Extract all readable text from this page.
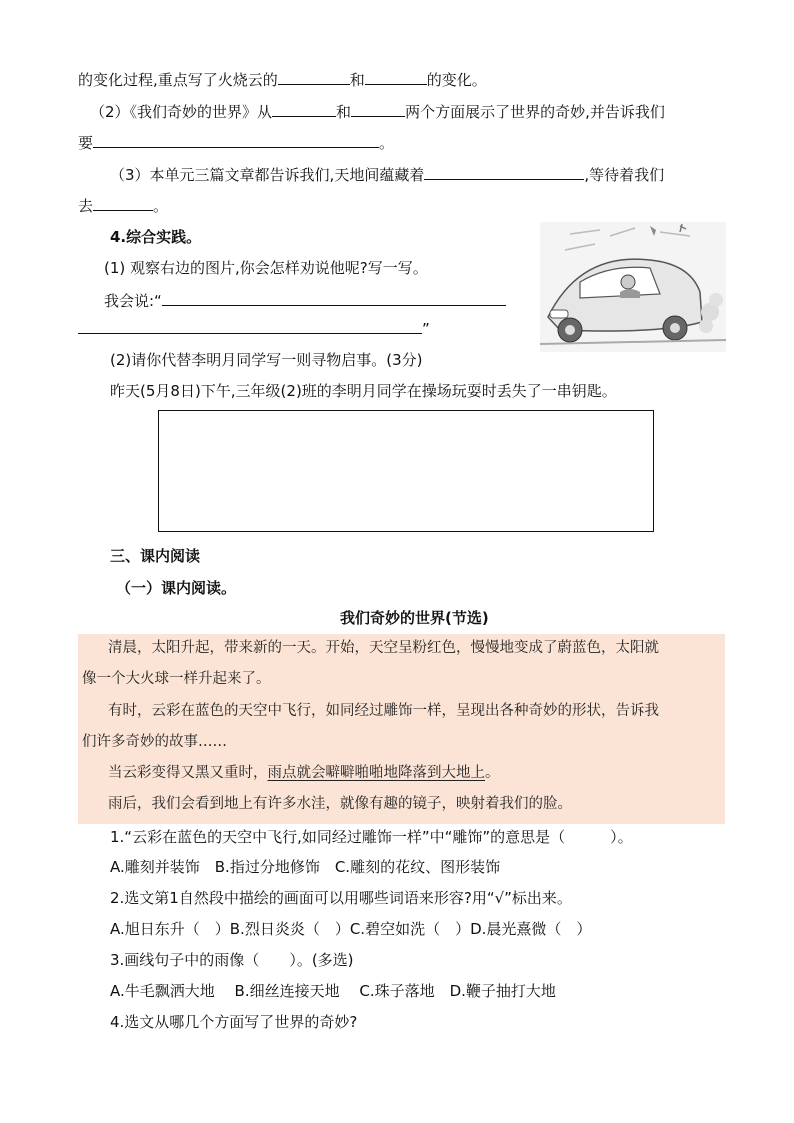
的变化过程,重点写了火烧云的	和	的变化。
（2）《我们奇妙的世界》从	和	两个方面展示了世界的奇妙,并告诉我们
要	。
（3）本单元三篇文章都告诉我们,天地间蕴藏着	,等待着我们
去	。
4.综合实践。
(1) 观察右边的图片,你会怎样劝说他呢?写一写。
我会说:“
”
(2)请你代替李明月同学写一则寻物启事。(3分)
昨天(5月8日)下午,三年级(2)班的李明月同学在操场玩耍时丢失了一串钥匙。
三、课内阅读
（一）课内阅读。
我们奇妙的世界(节选)
清晨，太阳升起，带来新的一天。开始，天空呈粉红色，慢慢地变成了蔚蓝色，太阳就
像一个大火球一样升起来了。
有时，云彩在蓝色的天空中飞行，如同经过雕饰一样，呈现出各种奇妙的形状，告诉我
们许多奇妙的故事……
当云彩变得又黑又重时，雨点就会噼噼啪啪地降落到大地上。
雨后，我们会看到地上有许多水洼，就像有趣的镜子，映射着我们的脸。
1.“云彩在蓝色的天空中飞行,如同经过雕饰一样”中“雕饰”的意思是（　　　）。
A.雕刻并装饰　B.指过分地修饰　C.雕刻的花纹、图形装饰
2.选文第1自然段中描绘的画面可以用哪些词语来形容?用“√”标出来。
A.旭日东升（　）B.烈日炎炎（　）C.碧空如洗（　）D.晨光熹微（　）
3.画线句子中的雨像（　　）。(多选)
A.牛毛飘洒大地　 B.细丝连接天地　 C.珠子落地　D.鞭子抽打大地
4.选文从哪几个方面写了世界的奇妙?
